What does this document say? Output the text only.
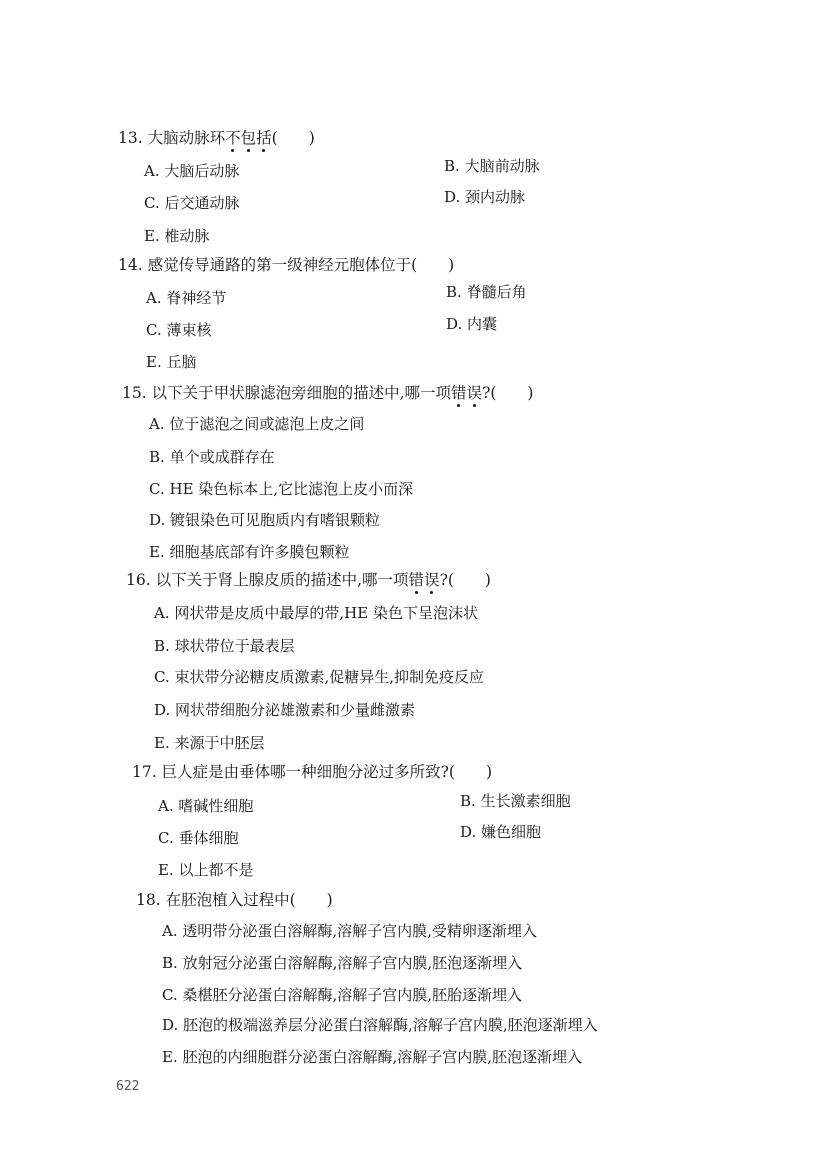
13. 大脑动脉环不包括(　　)
A. 大脑后动脉	B. 大脑前动脉
C. 后交通动脉	D. 颈内动脉
E. 椎动脉
14. 感觉传导通路的第一级神经元胞体位于(　　)
A. 脊神经节	B. 脊髓后角
C. 薄束核	D. 内囊
E. 丘脑
15. 以下关于甲状腺滤泡旁细胞的描述中,哪一项错误?(　　)
A. 位于滤泡之间或滤泡上皮之间
B. 单个或成群存在
C. HE 染色标本上,它比滤泡上皮小而深
D. 镀银染色可见胞质内有嗜银颗粒
E. 细胞基底部有许多膜包颗粒
16. 以下关于肾上腺皮质的描述中,哪一项错误?(　　)
A. 网状带是皮质中最厚的带,HE 染色下呈泡沫状
B. 球状带位于最表层
C. 束状带分泌糖皮质激素,促糖异生,抑制免疫反应
D. 网状带细胞分泌雄激素和少量雌激素
E. 来源于中胚层
17. 巨人症是由垂体哪一种细胞分泌过多所致?(　　)
A. 嗜碱性细胞	B. 生长激素细胞
C. 垂体细胞	D. 嫌色细胞
E. 以上都不是
18. 在胚泡植入过程中(　　)
A. 透明带分泌蛋白溶解酶,溶解子宫内膜,受精卵逐渐埋入
B. 放射冠分泌蛋白溶解酶,溶解子宫内膜,胚泡逐渐埋入
C. 桑椹胚分泌蛋白溶解酶,溶解子宫内膜,胚胎逐渐埋入
D. 胚泡的极端滋养层分泌蛋白溶解酶,溶解子宫内膜,胚泡逐渐埋入
E. 胚泡的内细胞群分泌蛋白溶解酶,溶解子宫内膜,胚泡逐渐埋入
622
